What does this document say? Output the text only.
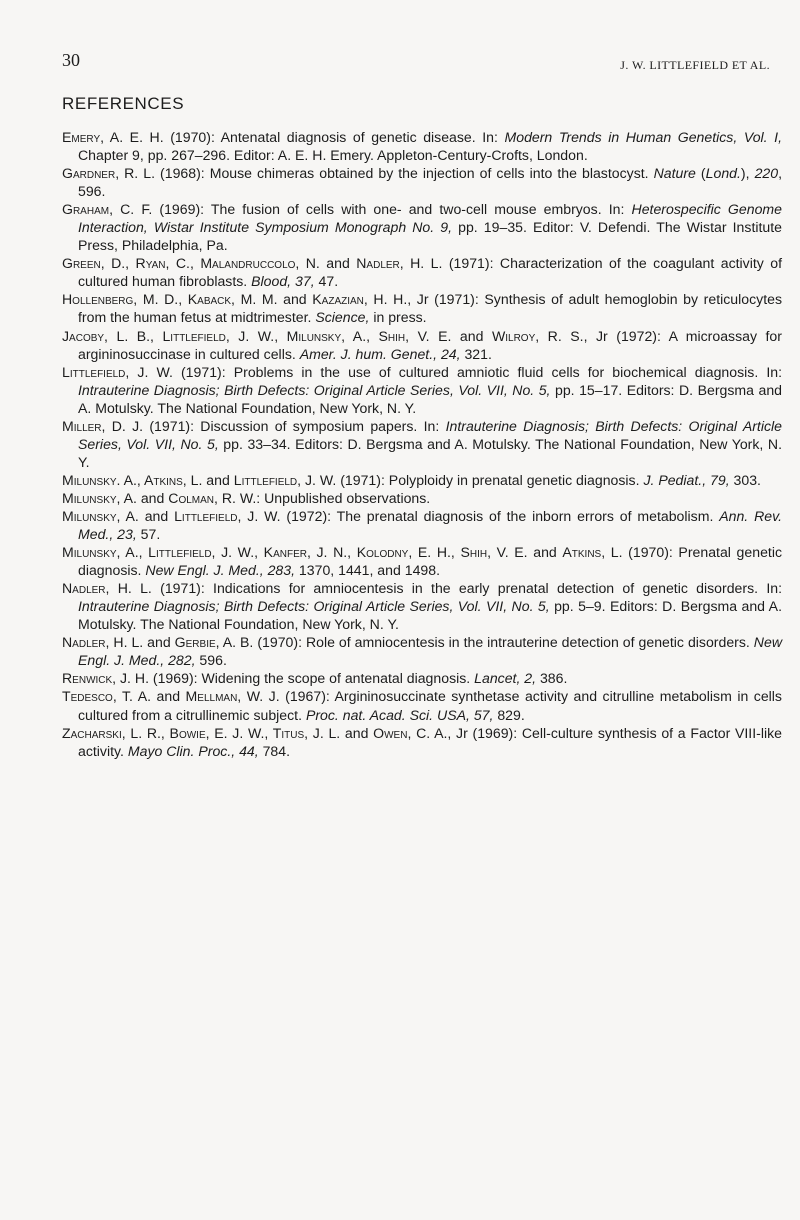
30	J. W. LITTLEFIELD ET AL.
REFERENCES

Emery, A. E. H. (1970): Antenatal diagnosis of genetic disease. In: Modern Trends in Human Genetics, Vol. I, Chapter 9, pp. 267–296. Editor: A. E. H. Emery. Appleton-Century-Crofts, London.

Gardner, R. L. (1968): Mouse chimeras obtained by the injection of cells into the blastocyst. Nature (Lond.), 220, 596.

Graham, C. F. (1969): The fusion of cells with one- and two-cell mouse embryos. In: Heterospecific Genome Interaction, Wistar Institute Symposium Monograph No. 9, pp. 19–35. Editor: V. Defendi. The Wistar Institute Press, Philadelphia, Pa.

Green, D., Ryan, C., Malandruccolo, N. and Nadler, H. L. (1971): Characterization of the coagulant activity of cultured human fibroblasts. Blood, 37, 47.

Hollenberg, M. D., Kaback, M. M. and Kazazian, H. H., Jr (1971): Synthesis of adult hemoglobin by reticulocytes from the human fetus at midtrimester. Science, in press.

Jacoby, L. B., Littlefield, J. W., Milunsky, A., Shih, V. E. and Wilroy, R. S., Jr (1972): A microassay for argininosuccinase in cultured cells. Amer. J. hum. Genet., 24, 321.

Littlefield, J. W. (1971): Problems in the use of cultured amniotic fluid cells for biochemical diagnosis. In: Intrauterine Diagnosis; Birth Defects: Original Article Series, Vol. VII, No. 5, pp. 15–17. Editors: D. Bergsma and A. Motulsky. The National Foundation, New York, N. Y.

Miller, D. J. (1971): Discussion of symposium papers. In: Intrauterine Diagnosis; Birth Defects: Original Article Series, Vol. VII, No. 5, pp. 33–34. Editors: D. Bergsma and A. Motulsky. The National Foundation, New York, N. Y.

Milunsky. A., Atkins, L. and Littlefield, J. W. (1971): Polyploidy in prenatal genetic diagnosis. J. Pediat., 79, 303.

Milunsky, A. and Colman, R. W.: Unpublished observations.

Milunsky, A. and Littlefield, J. W. (1972): The prenatal diagnosis of the inborn errors of metabolism. Ann. Rev. Med., 23, 57.

Milunsky, A., Littlefield, J. W., Kanfer, J. N., Kolodny, E. H., Shih, V. E. and Atkins, L. (1970): Prenatal genetic diagnosis. New Engl. J. Med., 283, 1370, 1441, and 1498.

Nadler, H. L. (1971): Indications for amniocentesis in the early prenatal detection of genetic disorders. In: Intrauterine Diagnosis; Birth Defects: Original Article Series, Vol. VII, No. 5, pp. 5–9. Editors: D. Bergsma and A. Motulsky. The National Foundation, New York, N. Y.

Nadler, H. L. and Gerbie, A. B. (1970): Role of amniocentesis in the intrauterine detection of genetic disorders. New Engl. J. Med., 282, 596.

Renwick, J. H. (1969): Widening the scope of antenatal diagnosis. Lancet, 2, 386.

Tedesco, T. A. and Mellman, W. J. (1967): Argininosuccinate synthetase activity and citrulline metabolism in cells cultured from a citrullinemic subject. Proc. nat. Acad. Sci. USA, 57, 829.

Zacharski, L. R., Bowie, E. J. W., Titus, J. L. and Owen, C. A., Jr (1969): Cell-culture synthesis of a Factor VIII-like activity. Mayo Clin. Proc., 44, 784.
